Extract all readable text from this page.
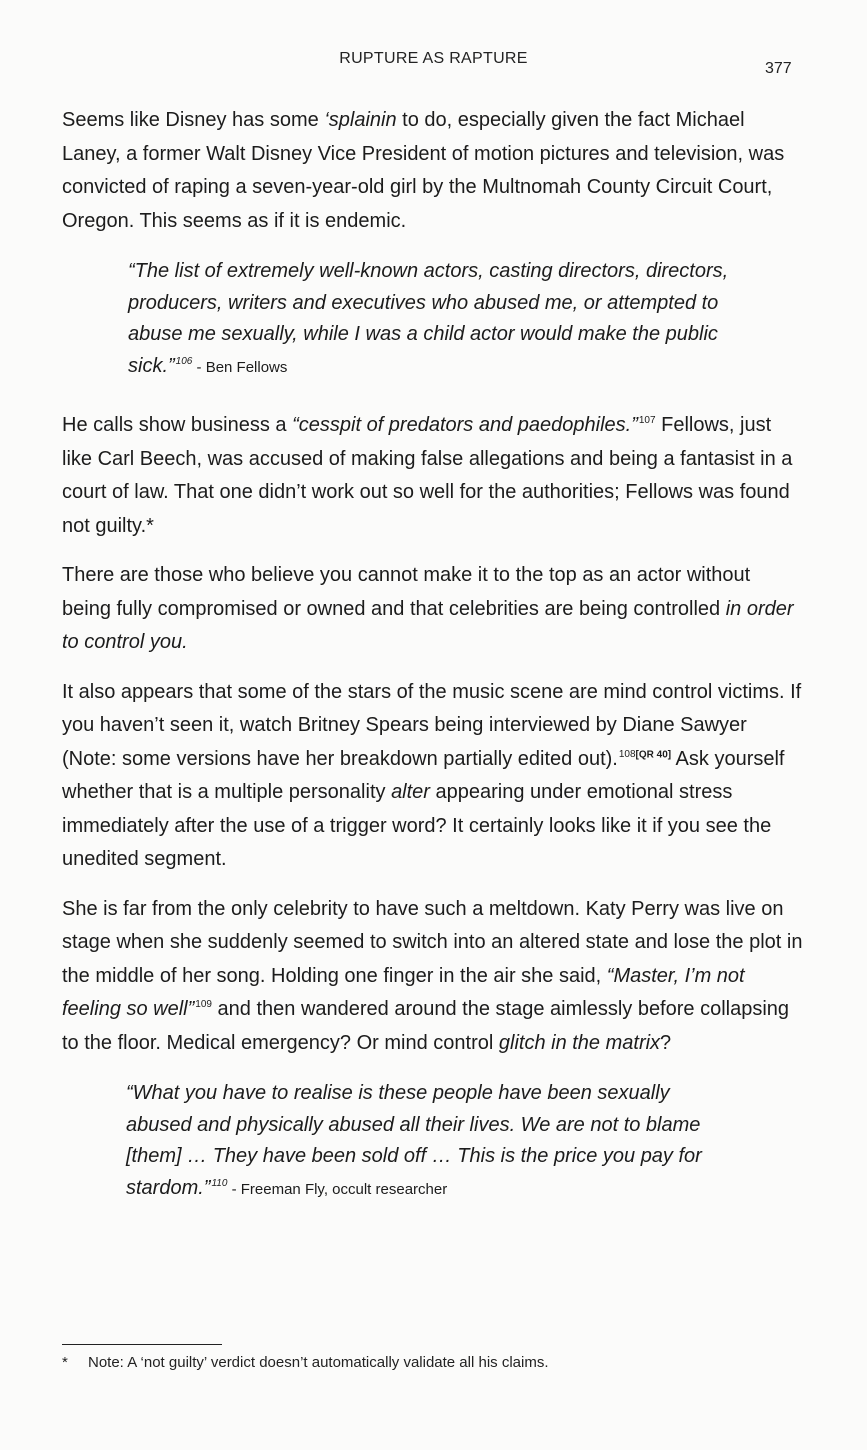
RUPTURE AS RAPTURE
377

Seems like Disney has some ‘splainin to do, especially given the fact Michael Laney, a former Walt Disney Vice President of motion pictures and television, was convicted of raping a seven-year-old girl by the Multnomah County Circuit Court, Oregon. This seems as if it is endemic.

“The list of extremely well-known actors, casting directors, directors, producers, writers and executives who abused me, or attempted to abuse me sexually, while I was a child actor would make the public sick.”$^{106}$ - Ben Fellows

He calls show business a “cesspit of predators and paedophiles.”$^{107}$ Fellows, just like Carl Beech, was accused of making false allegations and being a fantasist in a court of law. That one didn’t work out so well for the authorities; Fellows was found not guilty.*

There are those who believe you cannot make it to the top as an actor without being fully compromised or owned and that celebrities are being controlled in order to control you.

It also appears that some of the stars of the music scene are mind control victims. If you haven’t seen it, watch Britney Spears being interviewed by Diane Sawyer (Note: some versions have her breakdown partially edited out).$^{108[QR 40]}$ Ask yourself whether that is a multiple personality alter appearing under emotional stress immediately after the use of a trigger word? It certainly looks like it if you see the unedited segment.

She is far from the only celebrity to have such a meltdown. Katy Perry was live on stage when she suddenly seemed to switch into an altered state and lose the plot in the middle of her song. Holding one finger in the air she said, “Master, I’m not feeling so well”$^{109}$ and then wandered around the stage aimlessly before collapsing to the floor. Medical emergency? Or mind control glitch in the matrix?

“What you have to realise is these people have been sexually abused and physically abused all their lives. We are not to blame [them] … They have been sold off … This is the price you pay for stardom.”$^{110}$ - Freeman Fly, occult researcher
* Note: A ‘not guilty’ verdict doesn’t automatically validate all his claims.
